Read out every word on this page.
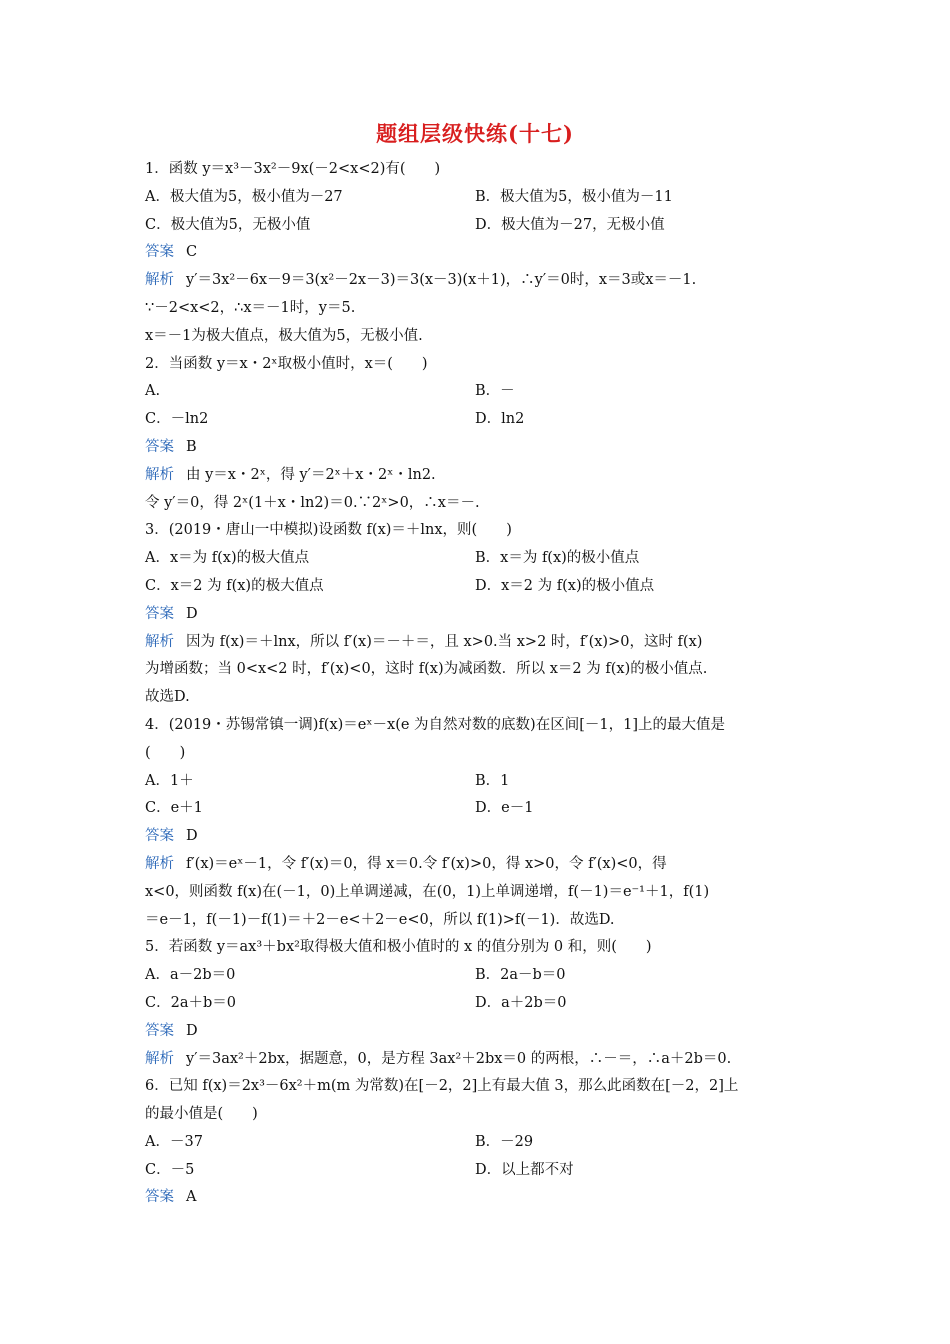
题组层级快练(十七)
1．函数 y＝x³－3x²－9x(－2<x<2)有(　　)
A．极大值为5，极小值为－27	B．极大值为5，极小值为－11
C．极大值为5，无极小值	D．极大值为－27，无极小值
答案 C
解析 y′＝3x²－6x－9＝3(x²－2x－3)＝3(x－3)(x＋1)，∴y′＝0时，x＝3或x＝－1.
∵－2<x<2，∴x＝－1时，y＝5.
x＝－1为极大值点，极大值为5，无极小值.
2．当函数 y＝x・2ˣ取极小值时，x＝(　　)
A.	B．－
C．－ln2	D．ln2
答案 B
解析 由 y＝x・2ˣ，得 y′＝2ˣ＋x・2ˣ・ln2.
令 y′＝0，得 2ˣ(1＋x・ln2)＝0.∵2ˣ>0，∴x＝－.
3．(2019・唐山一中模拟)设函数 f(x)＝＋lnx，则(　　)
A．x＝为 f(x)的极大值点	B．x＝为 f(x)的极小值点
C．x＝2 为 f(x)的极大值点	D．x＝2 为 f(x)的极小值点
答案 D
解析 因为 f(x)＝＋lnx，所以 f′(x)＝－＋＝，且 x>0.当 x>2 时，f′(x)>0，这时 f(x)
为增函数；当 0<x<2 时，f′(x)<0，这时 f(x)为减函数．所以 x＝2 为 f(x)的极小值点.
故选D.
4．(2019・苏锡常镇一调)f(x)＝eˣ－x(e 为自然对数的底数)在区间[－1，1]上的最大值是
(　　)
A．1＋	B．1
C．e＋1	D．e－1
答案 D
解析 f′(x)＝eˣ－1，令 f′(x)＝0，得 x＝0.令 f′(x)>0，得 x>0，令 f′(x)<0，得
x<0，则函数 f(x)在(－1，0)上单调递减，在(0，1)上单调递增，f(－1)＝e⁻¹＋1，f(1)
＝e－1，f(－1)－f(1)＝＋2－e<＋2－e<0，所以 f(1)>f(－1)．故选D.
5．若函数 y＝ax³＋bx²取得极大值和极小值时的 x 的值分别为 0 和，则(　　)
A．a－2b＝0	B．2a－b＝0
C．2a＋b＝0	D．a＋2b＝0
答案 D
解析 y′＝3ax²＋2bx，据题意，0，是方程 3ax²＋2bx＝0 的两根，∴－＝，∴a＋2b＝0.
6．已知 f(x)＝2x³－6x²＋m(m 为常数)在[－2，2]上有最大值 3，那么此函数在[－2，2]上
的最小值是(　　)
A．－37	B．－29
C．－5	D．以上都不对
答案 A
